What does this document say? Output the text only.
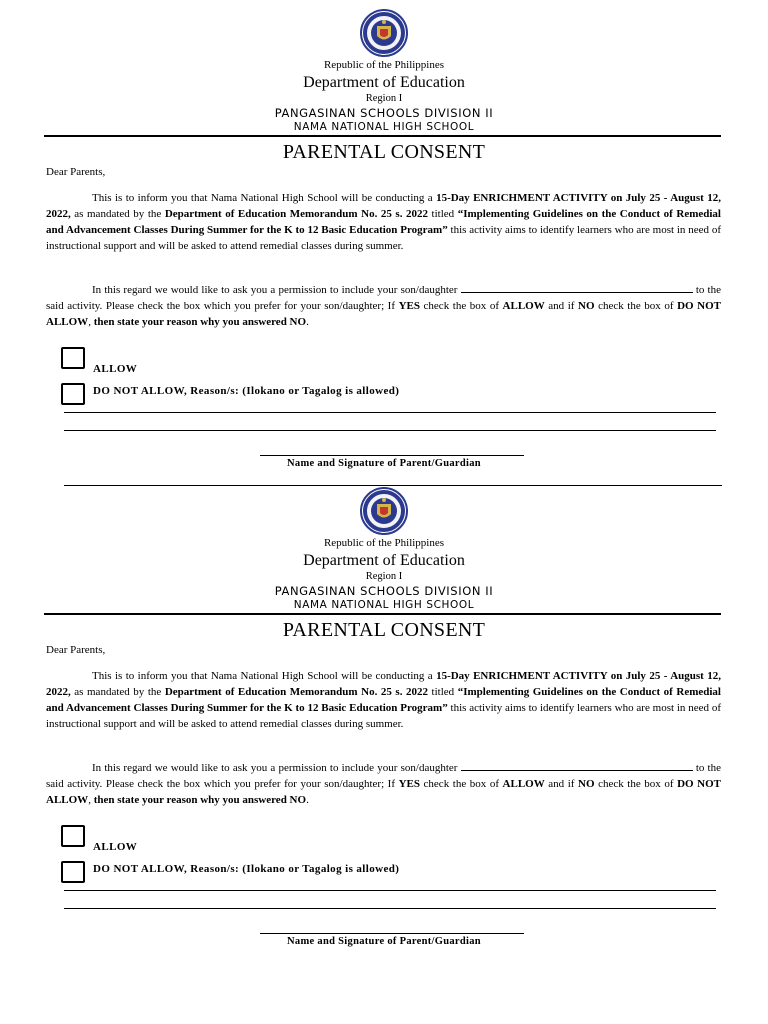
Republic of the Philippines
Department of Education
Region I
PANGASINAN SCHOOLS DIVISION II
NAMA NATIONAL HIGH SCHOOL
PARENTAL CONSENT
Dear Parents,
This is to inform you that Nama National High School will be conducting a 15-Day ENRICHMENT ACTIVITY on July 25 - August 12, 2022, as mandated by the Department of Education Memorandum No. 25 s. 2022 titled “Implementing Guidelines on the Conduct of Remedial and Advancement Classes During Summer for the K to 12 Basic Education Program” this activity aims to identify learners who are most in need of instructional support and will be asked to attend remedial classes during summer.
In this regard we would like to ask you a permission to include your son/daughter	to the said activity. Please check the box which you prefer for your son/daughter; If YES check the box of ALLOW and if NO check the box of DO NOT ALLOW, then state your reason why you answered NO.
ALLOW
DO NOT ALLOW, Reason/s: (Ilokano or Tagalog is allowed)
Name and Signature of Parent/Guardian
Republic of the Philippines
Department of Education
Region I
PANGASINAN SCHOOLS DIVISION II
NAMA NATIONAL HIGH SCHOOL
PARENTAL CONSENT
Dear Parents,
This is to inform you that Nama National High School will be conducting a 15-Day ENRICHMENT ACTIVITY on July 25 - August 12, 2022, as mandated by the Department of Education Memorandum No. 25 s. 2022 titled “Implementing Guidelines on the Conduct of Remedial and Advancement Classes During Summer for the K to 12 Basic Education Program” this activity aims to identify learners who are most in need of instructional support and will be asked to attend remedial classes during summer.
In this regard we would like to ask you a permission to include your son/daughter	to the said activity. Please check the box which you prefer for your son/daughter; If YES check the box of ALLOW and if NO check the box of DO NOT ALLOW, then state your reason why you answered NO.
ALLOW
DO NOT ALLOW, Reason/s: (Ilokano or Tagalog is allowed)
Name and Signature of Parent/Guardian
